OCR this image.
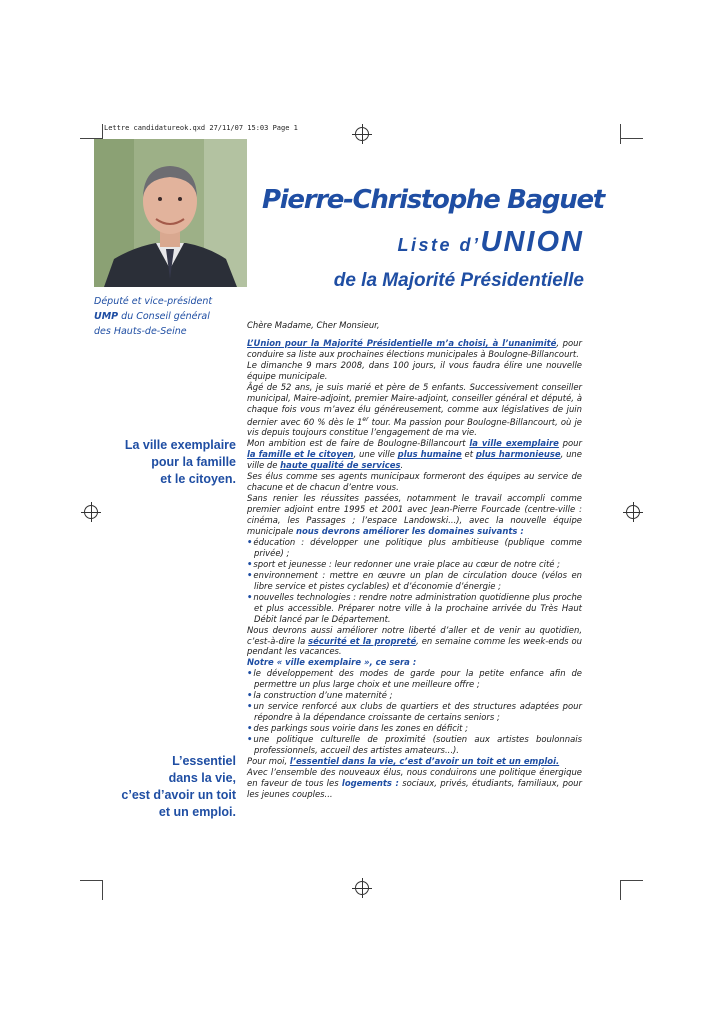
Lettre candidatureok.qxd 27/11/07 15:03 Page 1
Député et vice-président
UMP du Conseil général
des Hauts-de-Seine
Pierre-Christophe Baguet
Liste d’UNION
de la Majorité Présidentielle
La ville exemplaire
pour la famille
et le citoyen.
L’essentiel
dans la vie,
c’est d’avoir un toit
et un emploi.

Chère Madame, Cher Monsieur,

L’Union pour la Majorité Présidentielle m’a choisi, à l’unanimité, pour conduire sa liste aux prochaines élections municipales à Boulogne-Billancourt.

Le dimanche 9 mars 2008, dans 100 jours, il vous faudra élire une nouvelle équipe municipale.

Âgé de 52 ans, je suis marié et père de 5 enfants. Successivement conseiller municipal, Maire-adjoint, premier Maire-adjoint, conseiller général et député, à chaque fois vous m’avez élu généreusement, comme aux législatives de juin dernier avec 60 % dès le 1er tour. Ma passion pour Boulogne-Billancourt, où je vis depuis toujours constitue l’engagement de ma vie.

Mon ambition est de faire de Boulogne-Billancourt la ville exemplaire pour la famille et le citoyen, une ville plus humaine et plus harmonieuse, une ville de haute qualité de services.

Ses élus comme ses agents municipaux formeront des équipes au service de chacune et de chacun d’entre vous.

Sans renier les réussites passées, notamment le travail accompli comme premier adjoint entre 1995 et 2001 avec Jean-Pierre Fourcade (centre-ville : cinéma, les Passages ; l’espace Landowski...), avec la nouvelle équipe municipale nous devrons améliorer les domaines suivants :

•éducation : développer une politique plus ambitieuse (publique comme privée) ;

•sport et jeunesse : leur redonner une vraie place au cœur de notre cité ;

•environnement : mettre en œuvre un plan de circulation douce (vélos en libre service et pistes cyclables) et d’économie d’énergie ;

•nouvelles technologies : rendre notre administration quotidienne plus proche et plus accessible. Préparer notre ville à la prochaine arrivée du Très Haut Débit lancé par le Département.

Nous devrons aussi améliorer notre liberté d’aller et de venir au quotidien, c’est-à-dire la sécurité et la propreté, en semaine comme les week-ends ou pendant les vacances.

Notre « ville exemplaire », ce sera :

•le développement des modes de garde pour la petite enfance afin de permettre un plus large choix et une meilleure offre ;

•la construction d’une maternité ;

•un service renforcé aux clubs de quartiers et des structures adaptées pour répondre à la dépendance croissante de certains seniors ;

•des parkings sous voirie dans les zones en déficit ;

•une politique culturelle de proximité (soutien aux artistes boulonnais professionnels, accueil des artistes amateurs...).

Pour moi, l’essentiel dans la vie, c’est d’avoir un toit et un emploi.

Avec l’ensemble des nouveaux élus, nous conduirons une politique énergique en faveur de tous les logements : sociaux, privés, étudiants, familiaux, pour les jeunes couples...
